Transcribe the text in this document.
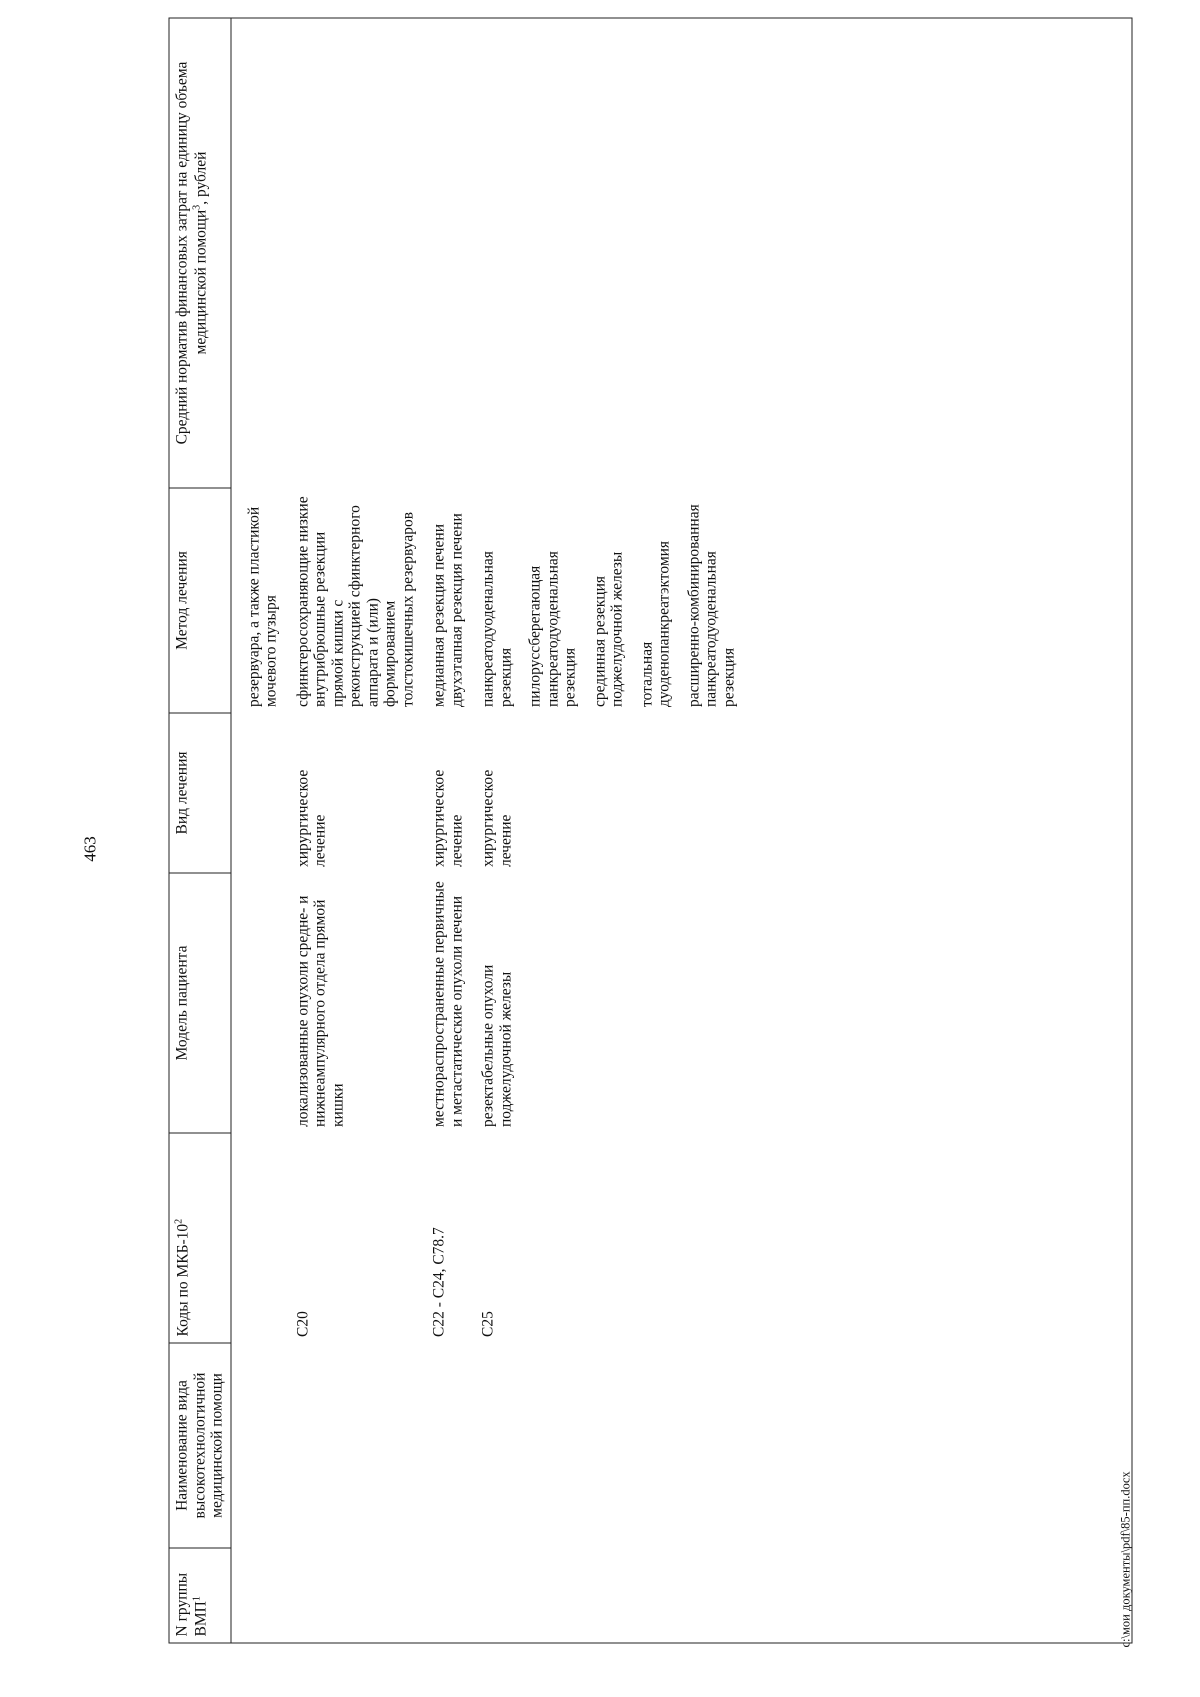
463
N группы ВМП$^1$	Наименование вида высокотехнологичной медицинской помощи	Коды по МКБ-$10^2$	Модель пациента	Вид лечения	Метод лечения	Средний норматив финансовых затрат на единицу объема медицинской помощи$^3$, рублей

					резервуара, а также пластикой мочевого пузыря	
		C20	локализованные опухоли средне- и нижнеампулярного отдела прямой кишки	хирургическое лечение	сфинктеросохраняющие низкие внутрибрюшные резекции прямой кишки с реконструкцией сфинктерного аппарата и (или) формированием толстокишечных резервуаров	

		C22 - C24, C78.7	местнораспространенные первичные и метастатические опухоли печени	хирургическое лечение	медианная резекция печени двухэтапная резекция печени	

		C25	резектабельные опухоли поджелудочной железы	хирургическое лечение	панкреатодуоденальная резекция пилоруссберегающая панкреатодуоденальная резекция срединная резекция поджелудочной железы тотальная дуоденопанкреатэктомия расширенно-комбинированная панкреатодуоденальная резекция	

c:\мои документы\pdf\85-пп.docx
